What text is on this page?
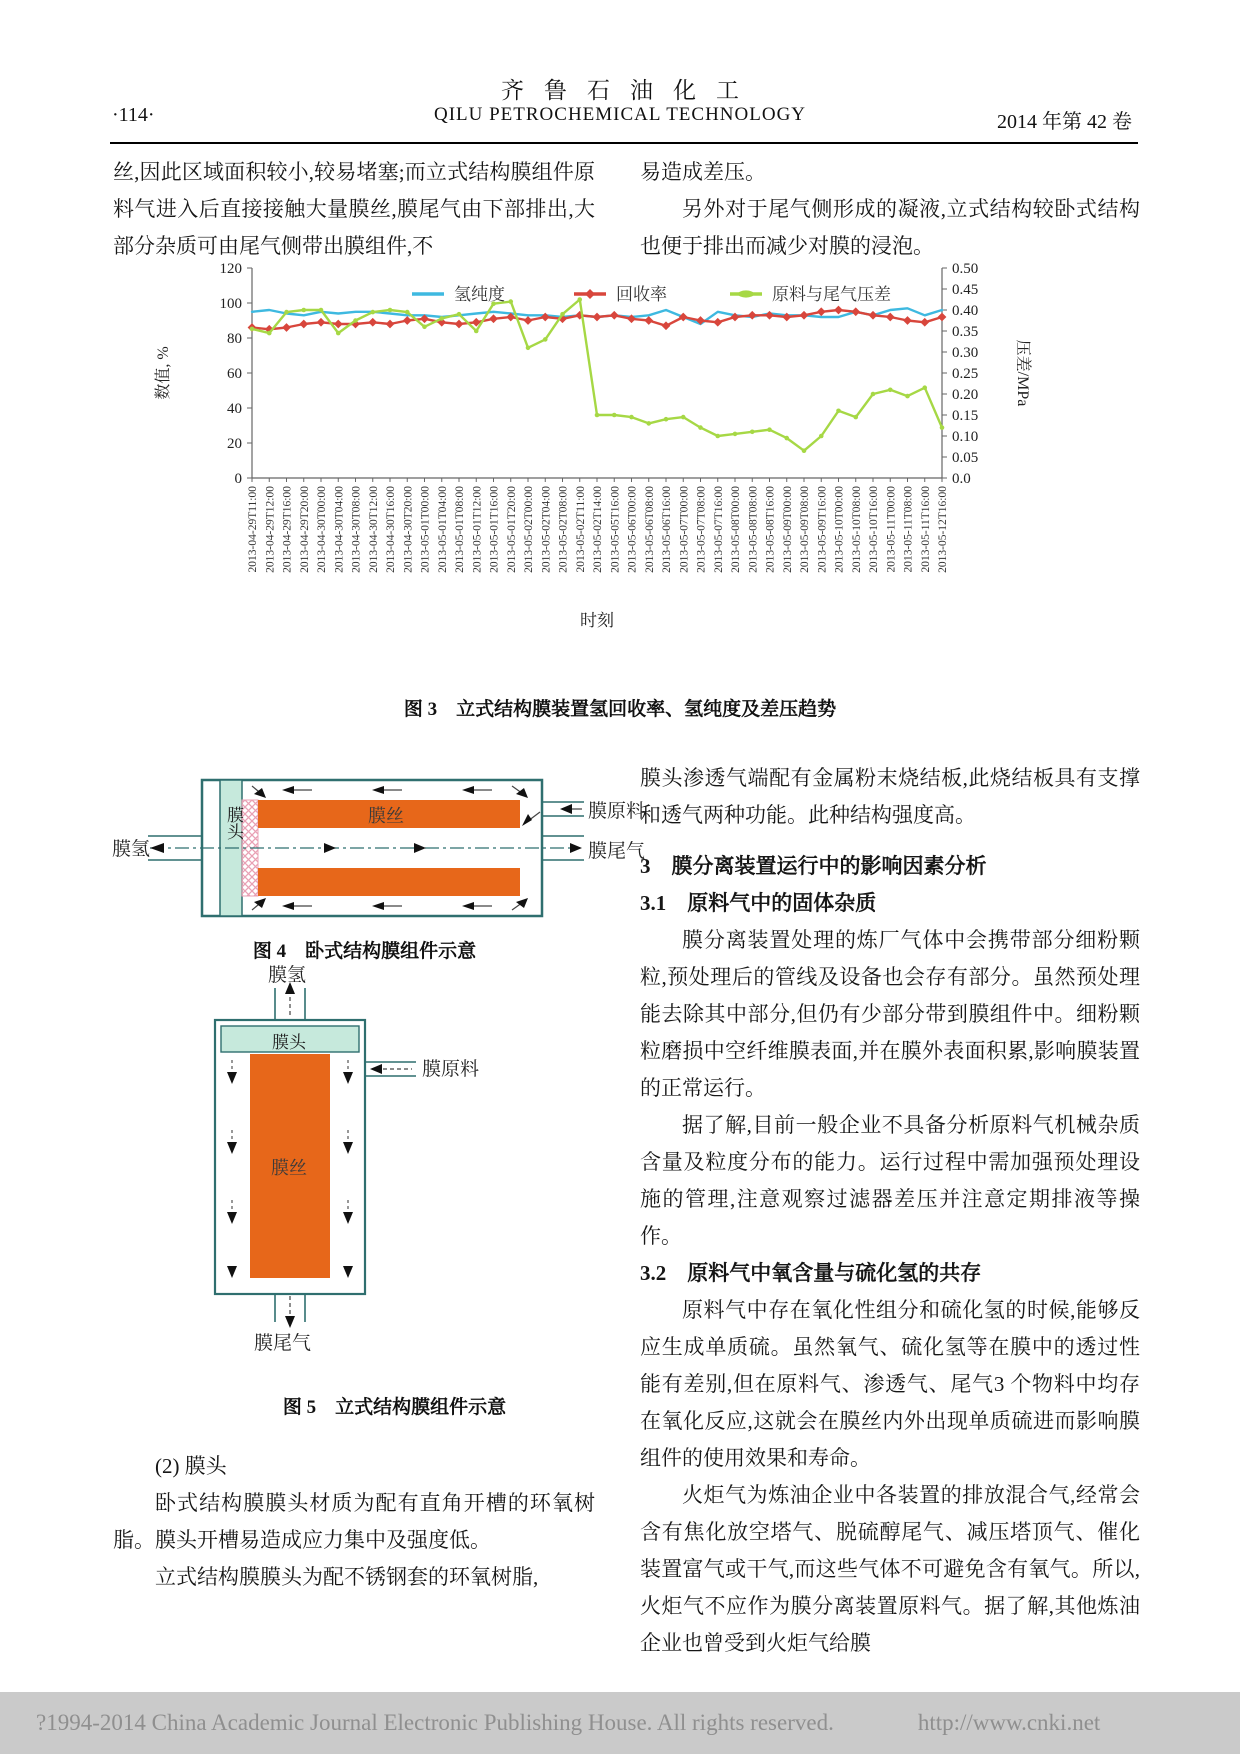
·114·
齐鲁石油化工
QILU PETROCHEMICAL TECHNOLOGY	2014 年第 42 卷

丝,因此区域面积较小,较易堵塞;而立式结构膜组件原料气进入后直接接触大量膜丝,膜尾气由下部排出,大部分杂质可由尾气侧带出膜组件,不

易造成差压。

另外对于尾气侧形成的凝液,立式结构较卧式结构也便于排出而减少对膜的浸泡。

0
20
40
60
80
100
120
0.0
0.05
0.10
0.15
0.20
0.25
0.30
0.35
0.40
0.45
0.50
2013-04-29T11:00 2013-04-29T12:00 2013-04-29T16:00 2013-04-29T20:00 2013-04-30T00:00 2013-04-30T04:00 2013-04-30T08:00 2013-04-30T12:00 2013-04-30T16:00 2013-04-30T20:00 2013-05-01T00:00 2013-05-01T04:00 2013-05-01T08:00 2013-05-01T12:00 2013-05-01T16:00 2013-05-01T20:00 2013-05-02T00:00 2013-05-02T04:00 2013-05-02T08:00 2013-05-02T11:00 2013-05-02T14:00 2013-05-05T16:00 2013-05-06T00:00 2013-05-06T08:00 2013-05-06T16:00 2013-05-07T00:00 2013-05-07T08:00 2013-05-07T16:00 2013-05-08T00:00 2013-05-08T08:00 2013-05-08T16:00 2013-05-09T00:00 2013-05-09T08:00 2013-05-09T16:00 2013-05-10T00:00 2013-05-10T08:00 2013-05-10T16:00 2013-05-11T00:00 2013-05-11T08:00 2013-05-11T16:00 2013-05-12T16:00
数值, %	压差/MPa
时刻
氢纯度	回收率	原料与尾气压差
图 3　立式结构膜装置氢回收率、氢纯度及差压趋势
膜氢
膜头	膜丝	膜原料
膜尾气
图 4　卧式结构膜组件示意
膜氢
膜头
膜原料
膜丝
膜尾气
图 5　立式结构膜组件示意

(2) 膜头

卧式结构膜膜头材质为配有直角开槽的环氧树脂。膜头开槽易造成应力集中及强度低。

立式结构膜膜头为配不锈钢套的环氧树脂,

膜头渗透气端配有金属粉末烧结板,此烧结板具有支撑和透气两种功能。此种结构强度高。

3　膜分离装置运行中的影响因素分析
3.1　原料气中的固体杂质

膜分离装置处理的炼厂气体中会携带部分细粉颗粒,预处理后的管线及设备也会存有部分。虽然预处理能去除其中部分,但仍有少部分带到膜组件中。细粉颗粒磨损中空纤维膜表面,并在膜外表面积累,影响膜装置的正常运行。

据了解,目前一般企业不具备分析原料气机械杂质含量及粒度分布的能力。运行过程中需加强预处理设施的管理,注意观察过滤器差压并注意定期排液等操作。

3.2　原料气中氧含量与硫化氢的共存

原料气中存在氧化性组分和硫化氢的时候,能够反应生成单质硫。虽然氧气、硫化氢等在膜中的透过性能有差别,但在原料气、渗透气、尾气3 个物料中均存在氧化反应,这就会在膜丝内外出现单质硫进而影响膜组件的使用效果和寿命。

火炬气为炼油企业中各装置的排放混合气,经常会含有焦化放空塔气、脱硫醇尾气、减压塔顶气、催化装置富气或干气,而这些气体不可避免含有氧气。所以,火炬气不应作为膜分离装置原料气。据了解,其他炼油企业也曾受到火炬气给膜

?1994-2014 China Academic Journal Electronic Publishing House. All rights reserved.	http://www.cnki.net
